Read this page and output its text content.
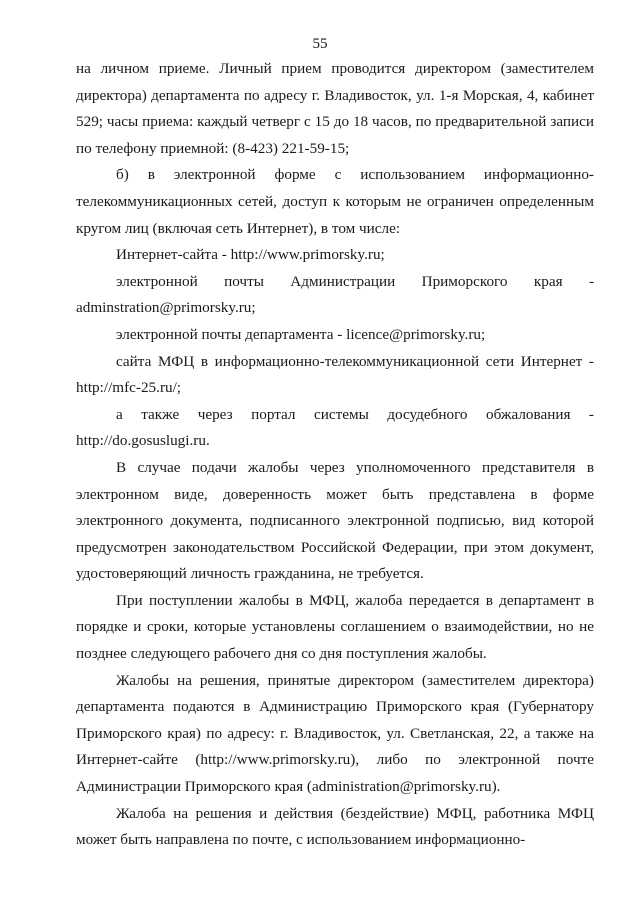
55

на личном приеме. Личный прием проводится директором (заместителем директора) департамента по адресу г. Владивосток, ул. 1-я Морская, 4, кабинет 529; часы приема: каждый четверг с 15 до 18 часов, по предварительной записи по телефону приемной: (8-423) 221-59-15;

б) в электронной форме с использованием информационно-телекоммуникационных сетей, доступ к которым не ограничен определенным кругом лиц (включая сеть Интернет), в том числе:

Интернет-сайта - http://www.primorsky.ru;

электронной почты Администрации Приморского края - adminstration@primorsky.ru;

электронной почты департамента - licence@primorsky.ru;

сайта МФЦ в информационно-телекоммуникационной сети Интернет - http://mfc-25.ru/;

а также через портал системы досудебного обжалования - http://do.gosuslugi.ru.

В случае подачи жалобы через уполномоченного представителя в электронном виде, доверенность может быть представлена в форме электронного документа, подписанного электронной подписью, вид которой предусмотрен законодательством Российской Федерации, при этом документ, удостоверяющий личность гражданина, не требуется.

При поступлении жалобы в МФЦ, жалоба передается в департамент в порядке и сроки, которые установлены соглашением о взаимодействии, но не позднее следующего рабочего дня со дня поступления жалобы.

Жалобы на решения, принятые директором (заместителем директора) департамента подаются в Администрацию Приморского края (Губернатору Приморского края) по адресу: г. Владивосток, ул. Светланская, 22, а также на Интернет-сайте (http://www.primorsky.ru), либо по электронной почте Администрации Приморского края (administration@primorsky.ru).

Жалоба на решения и действия (бездействие) МФЦ, работника МФЦ может быть направлена по почте, с использованием информационно-
